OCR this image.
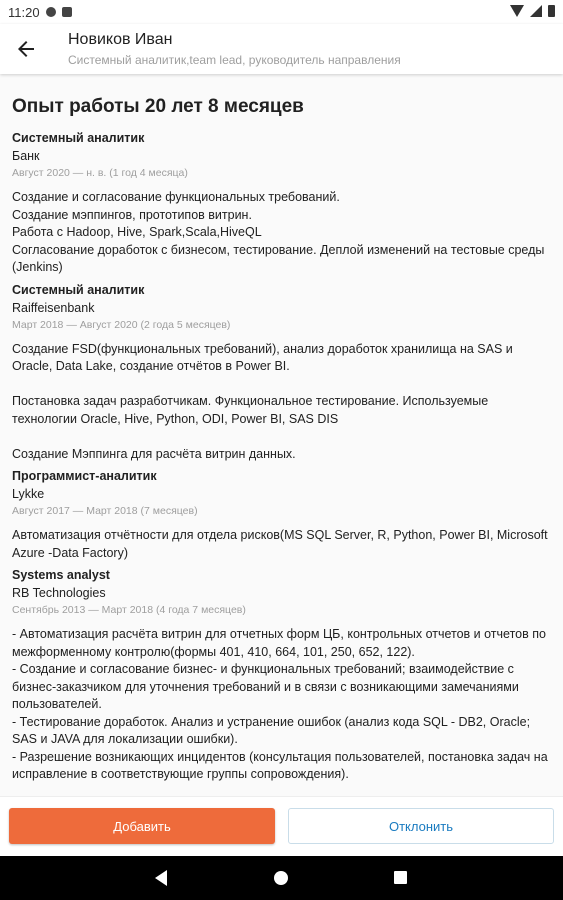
11:20
Новиков Иван
Системный аналитик,team lead, руководитель направления
Опыт работы 20 лет 8 месяцев
Системный аналитик
Банк
Август 2020 — н. в. (1 год 4 месяца)
Создание и согласование функциональных требований.
Создание мэппингов, прототипов витрин.
Работа с Hadoop, Hive, Spark,Scala,HiveQL
Согласование доработок с бизнесом, тестирование. Деплой изменений на тестовые среды (Jenkins)
Системный аналитик
Raiffeisenbank
Март 2018 — Август 2020 (2 года 5 месяцев)
Создание FSD(функциональных требований), анализ доработок хранилища на SAS и Oracle, Data Lake, создание отчётов в Power BI.

Постановка задач разработчикам. Функциональное тестирование. Используемые технологии Oracle, Hive, Python, ODI, Power BI, SAS DIS

Создание Мэппинга для расчёта витрин данных.
Программист-аналитик
Lykke
Август 2017 — Март 2018 (7 месяцев)
Автоматизация отчётности для отдела рисков(MS SQL Server, R, Python, Power BI, Microsoft Azure -Data Factory)
Systems analyst
RB Technologies
Сентябрь 2013 — Март 2018 (4 года 7 месяцев)
- Автоматизация расчёта витрин для отчетных форм ЦБ, контрольных отчетов и отчетов по межформенному контролю(формы 401, 410, 664, 101, 250, 652, 122).
- Создание и согласование бизнес- и функциональных требований; взаимодействие с бизнес-заказчиком для уточнения требований и в связи с возникающими замечаниями пользователей.
- Тестирование доработок. Анализ и устранение ошибок (анализ кода SQL - DB2, Oracle; SAS и JAVA для локализации ошибки).
- Разрешение возникающих инцидентов (консультация пользователей, постановка задач на исправление в соответствующие группы сопровождения).
Добавить	Отклонить
